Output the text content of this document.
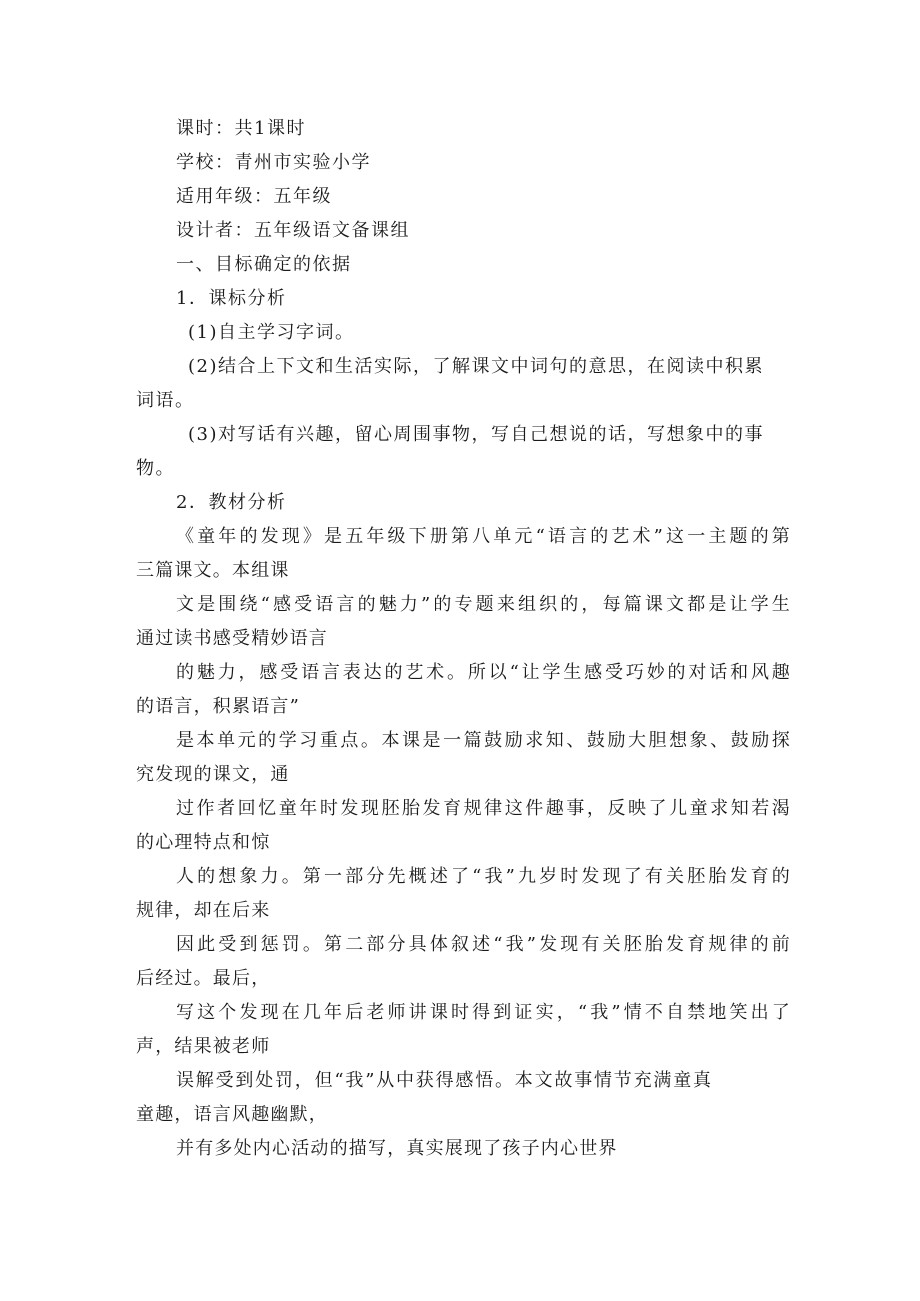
课时：共1课时
学校：青州市实验小学
适用年级：五年级
设计者：五年级语文备课组
一、目标确定的依据
1．课标分析
(1)自主学习字词。
(2)结合上下文和生活实际，了解课文中词句的意思，在阅读中积累
词语。
(3)对写话有兴趣，留心周围事物，写自己想说的话，写想象中的事
物。
2．教材分析
《童年的发现》是五年级下册第八单元“语言的艺术”这一主题的第
三篇课文。本组课
文是围绕“感受语言的魅力”的专题来组织的，每篇课文都是让学生
通过读书感受精妙语言
的魅力，感受语言表达的艺术。所以“让学生感受巧妙的对话和风趣
的语言，积累语言”
是本单元的学习重点。本课是一篇鼓励求知、鼓励大胆想象、鼓励探
究发现的课文，通
过作者回忆童年时发现胚胎发育规律这件趣事，反映了儿童求知若渴
的心理特点和惊
人的想象力。第一部分先概述了“我”九岁时发现了有关胚胎发育的
规律，却在后来
因此受到惩罚。第二部分具体叙述“我”发现有关胚胎发育规律的前
后经过。最后，
写这个发现在几年后老师讲课时得到证实，“我”情不自禁地笑出了
声，结果被老师
误解受到处罚，但“我”从中获得感悟。本文故事情节充满童真
童趣，语言风趣幽默，
并有多处内心活动的描写，真实展现了孩子内心世界
